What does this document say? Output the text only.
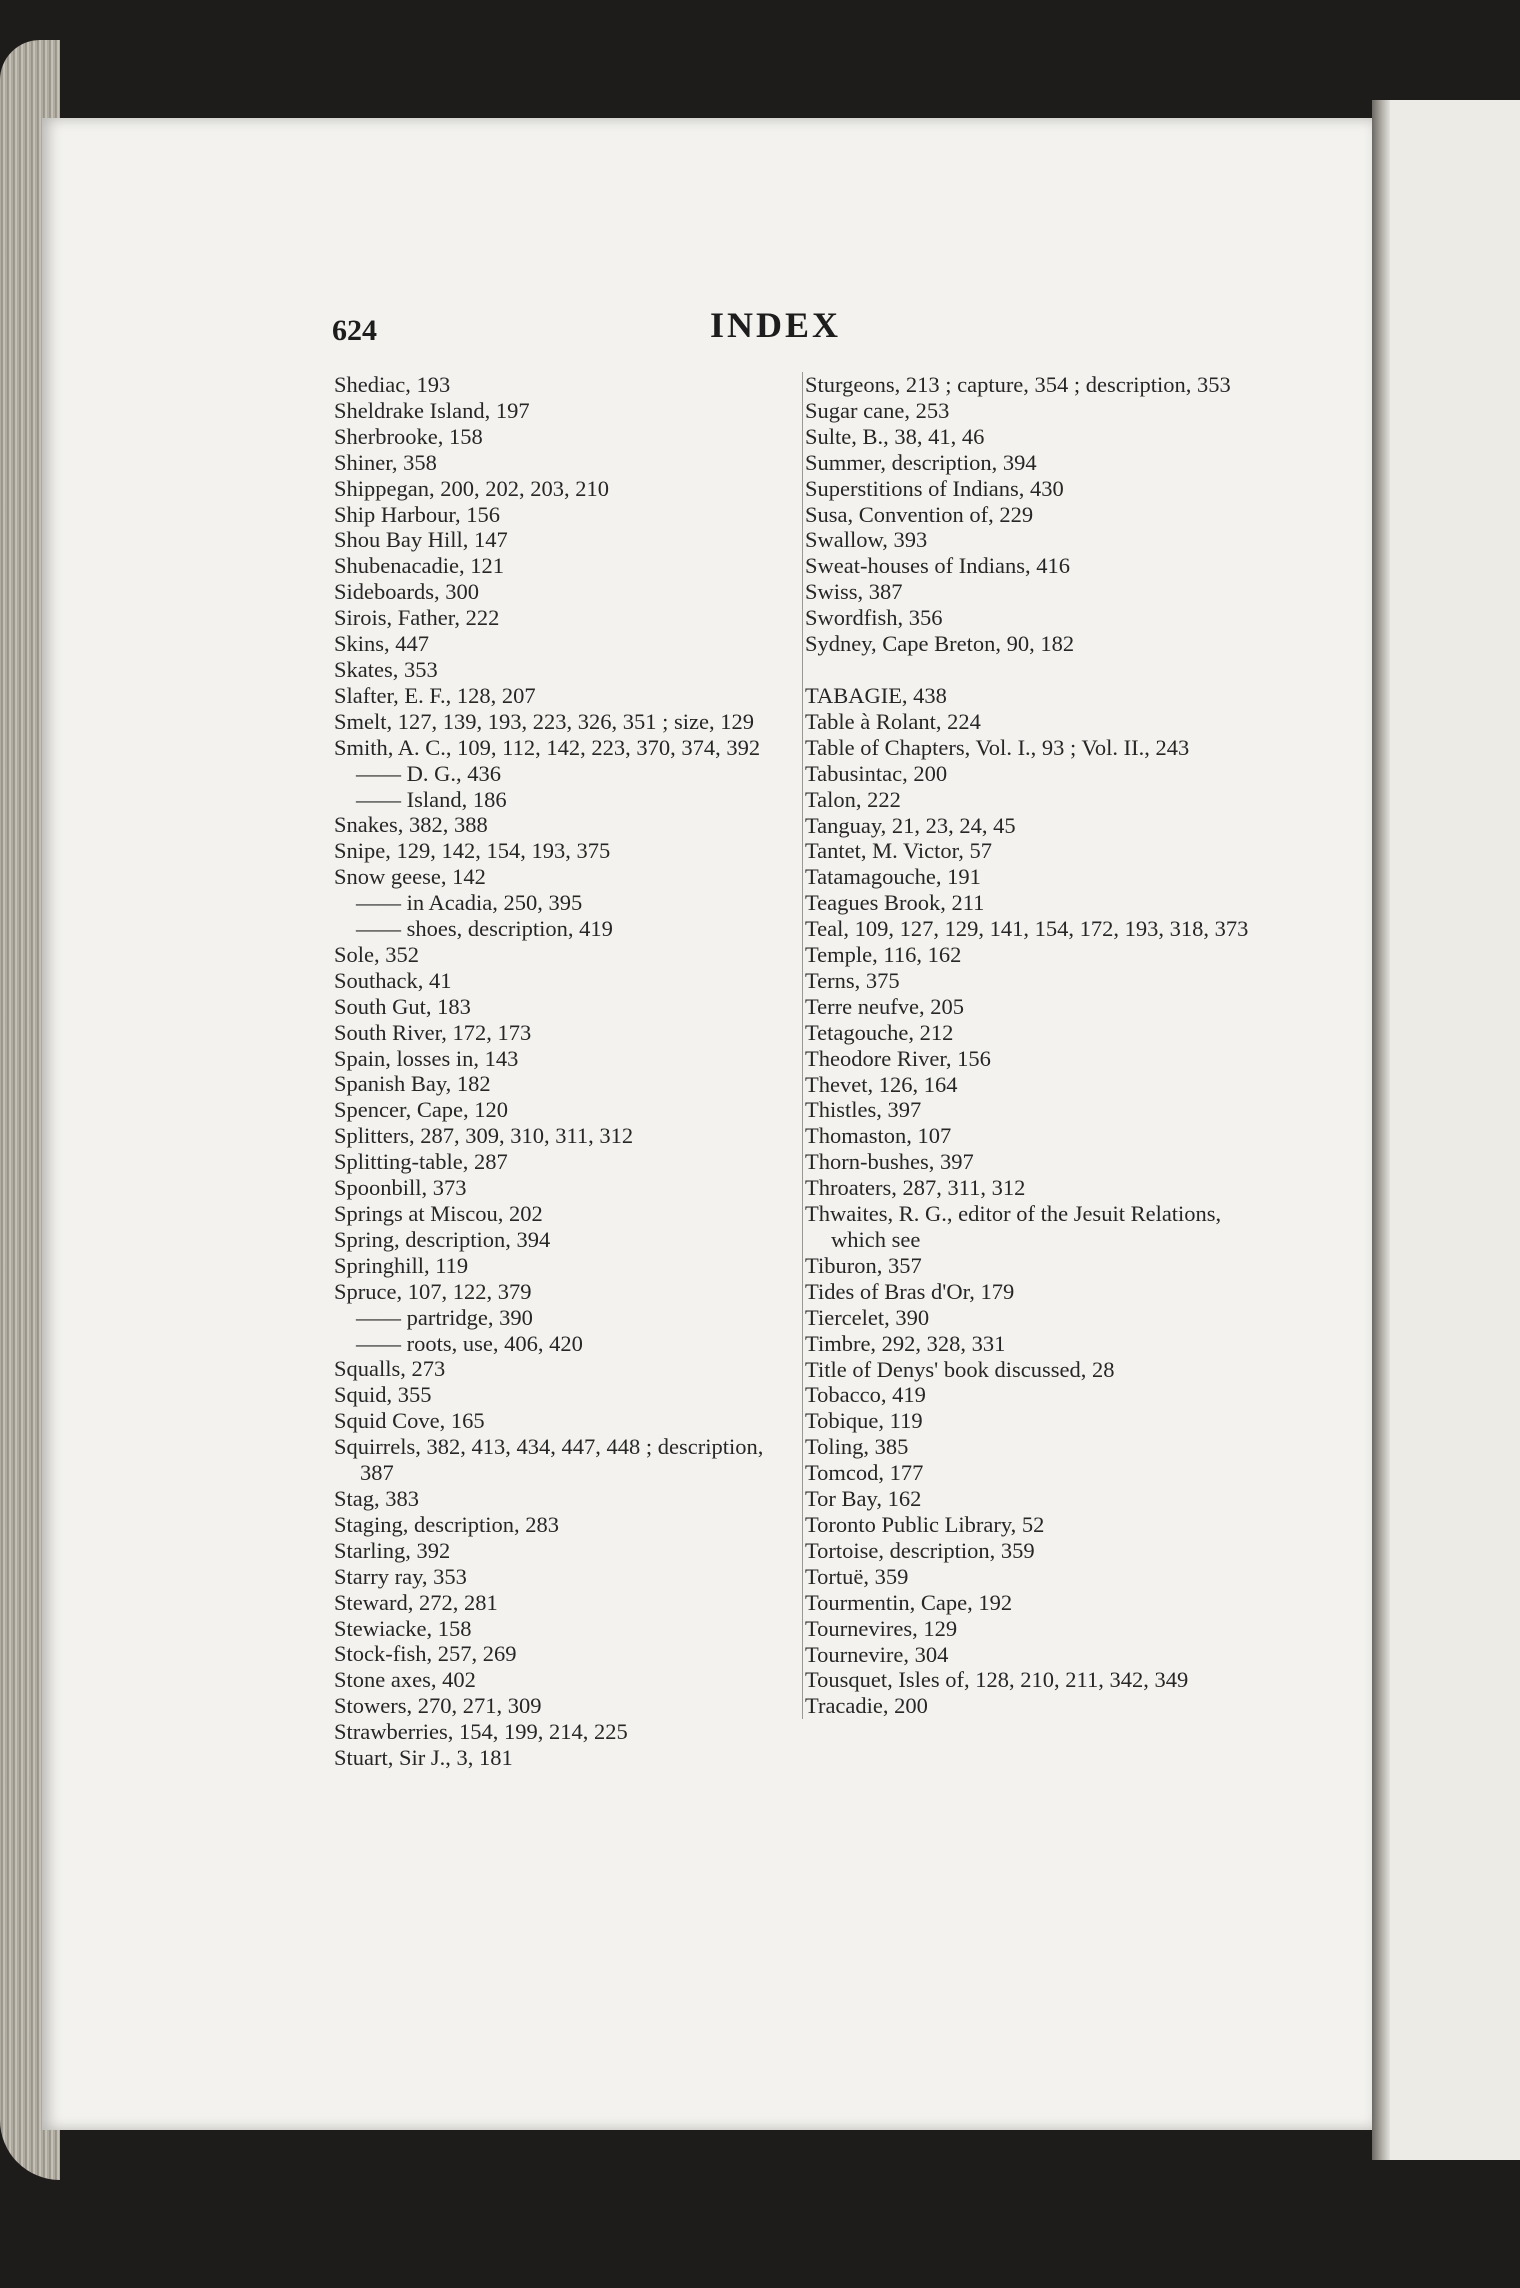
624	INDEX
Shediac, 193
Sheldrake Island, 197
Sherbrooke, 158
Shiner, 358
Shippegan, 200, 202, 203, 210
Ship Harbour, 156
Shou Bay Hill, 147
Shubenacadie, 121
Sideboards, 300
Sirois, Father, 222
Skins, 447
Skates, 353
Slafter, E. F., 128, 207
Smelt, 127, 139, 193, 223, 326, 351 ; size, 129
Smith, A. C., 109, 112, 142, 223, 370, 374, 392
—— D. G., 436
—— Island, 186
Snakes, 382, 388
Snipe, 129, 142, 154, 193, 375
Snow geese, 142
—— in Acadia, 250, 395
—— shoes, description, 419
Sole, 352
Southack, 41
South Gut, 183
South River, 172, 173
Spain, losses in, 143
Spanish Bay, 182
Spencer, Cape, 120
Splitters, 287, 309, 310, 311, 312
Splitting-table, 287
Spoonbill, 373
Springs at Miscou, 202
Spring, description, 394
Springhill, 119
Spruce, 107, 122, 379
—— partridge, 390
—— roots, use, 406, 420
Squalls, 273
Squid, 355
Squid Cove, 165
Squirrels, 382, 413, 434, 447, 448 ; description, 387
Stag, 383
Staging, description, 283
Starling, 392
Starry ray, 353
Steward, 272, 281
Stewiacke, 158
Stock-fish, 257, 269
Stone axes, 402
Stowers, 270, 271, 309
Strawberries, 154, 199, 214, 225
Stuart, Sir J., 3, 181
Sturgeons, 213 ; capture, 354 ; description, 353
Sugar cane, 253
Sulte, B., 38, 41, 46
Summer, description, 394
Superstitions of Indians, 430
Susa, Convention of, 229
Swallow, 393
Sweat-houses of Indians, 416
Swiss, 387
Swordfish, 356
Sydney, Cape Breton, 90, 182
TABAGIE, 438
Table à Rolant, 224
Table of Chapters, Vol. I., 93 ; Vol. II., 243
Tabusintac, 200
Talon, 222
Tanguay, 21, 23, 24, 45
Tantet, M. Victor, 57
Tatamagouche, 191
Teagues Brook, 211
Teal, 109, 127, 129, 141, 154, 172, 193, 318, 373
Temple, 116, 162
Terns, 375
Terre neufve, 205
Tetagouche, 212
Theodore River, 156
Thevet, 126, 164
Thistles, 397
Thomaston, 107
Thorn-bushes, 397
Throaters, 287, 311, 312
Thwaites, R. G., editor of the Jesuit Relations, which see
Tiburon, 357
Tides of Bras d'Or, 179
Tiercelet, 390
Timbre, 292, 328, 331
Title of Denys' book discussed, 28
Tobacco, 419
Tobique, 119
Toling, 385
Tomcod, 177
Tor Bay, 162
Toronto Public Library, 52
Tortoise, description, 359
Tortuë, 359
Tourmentin, Cape, 192
Tournevires, 129
Tournevire, 304
Tousquet, Isles of, 128, 210, 211, 342, 349
Tracadie, 200
